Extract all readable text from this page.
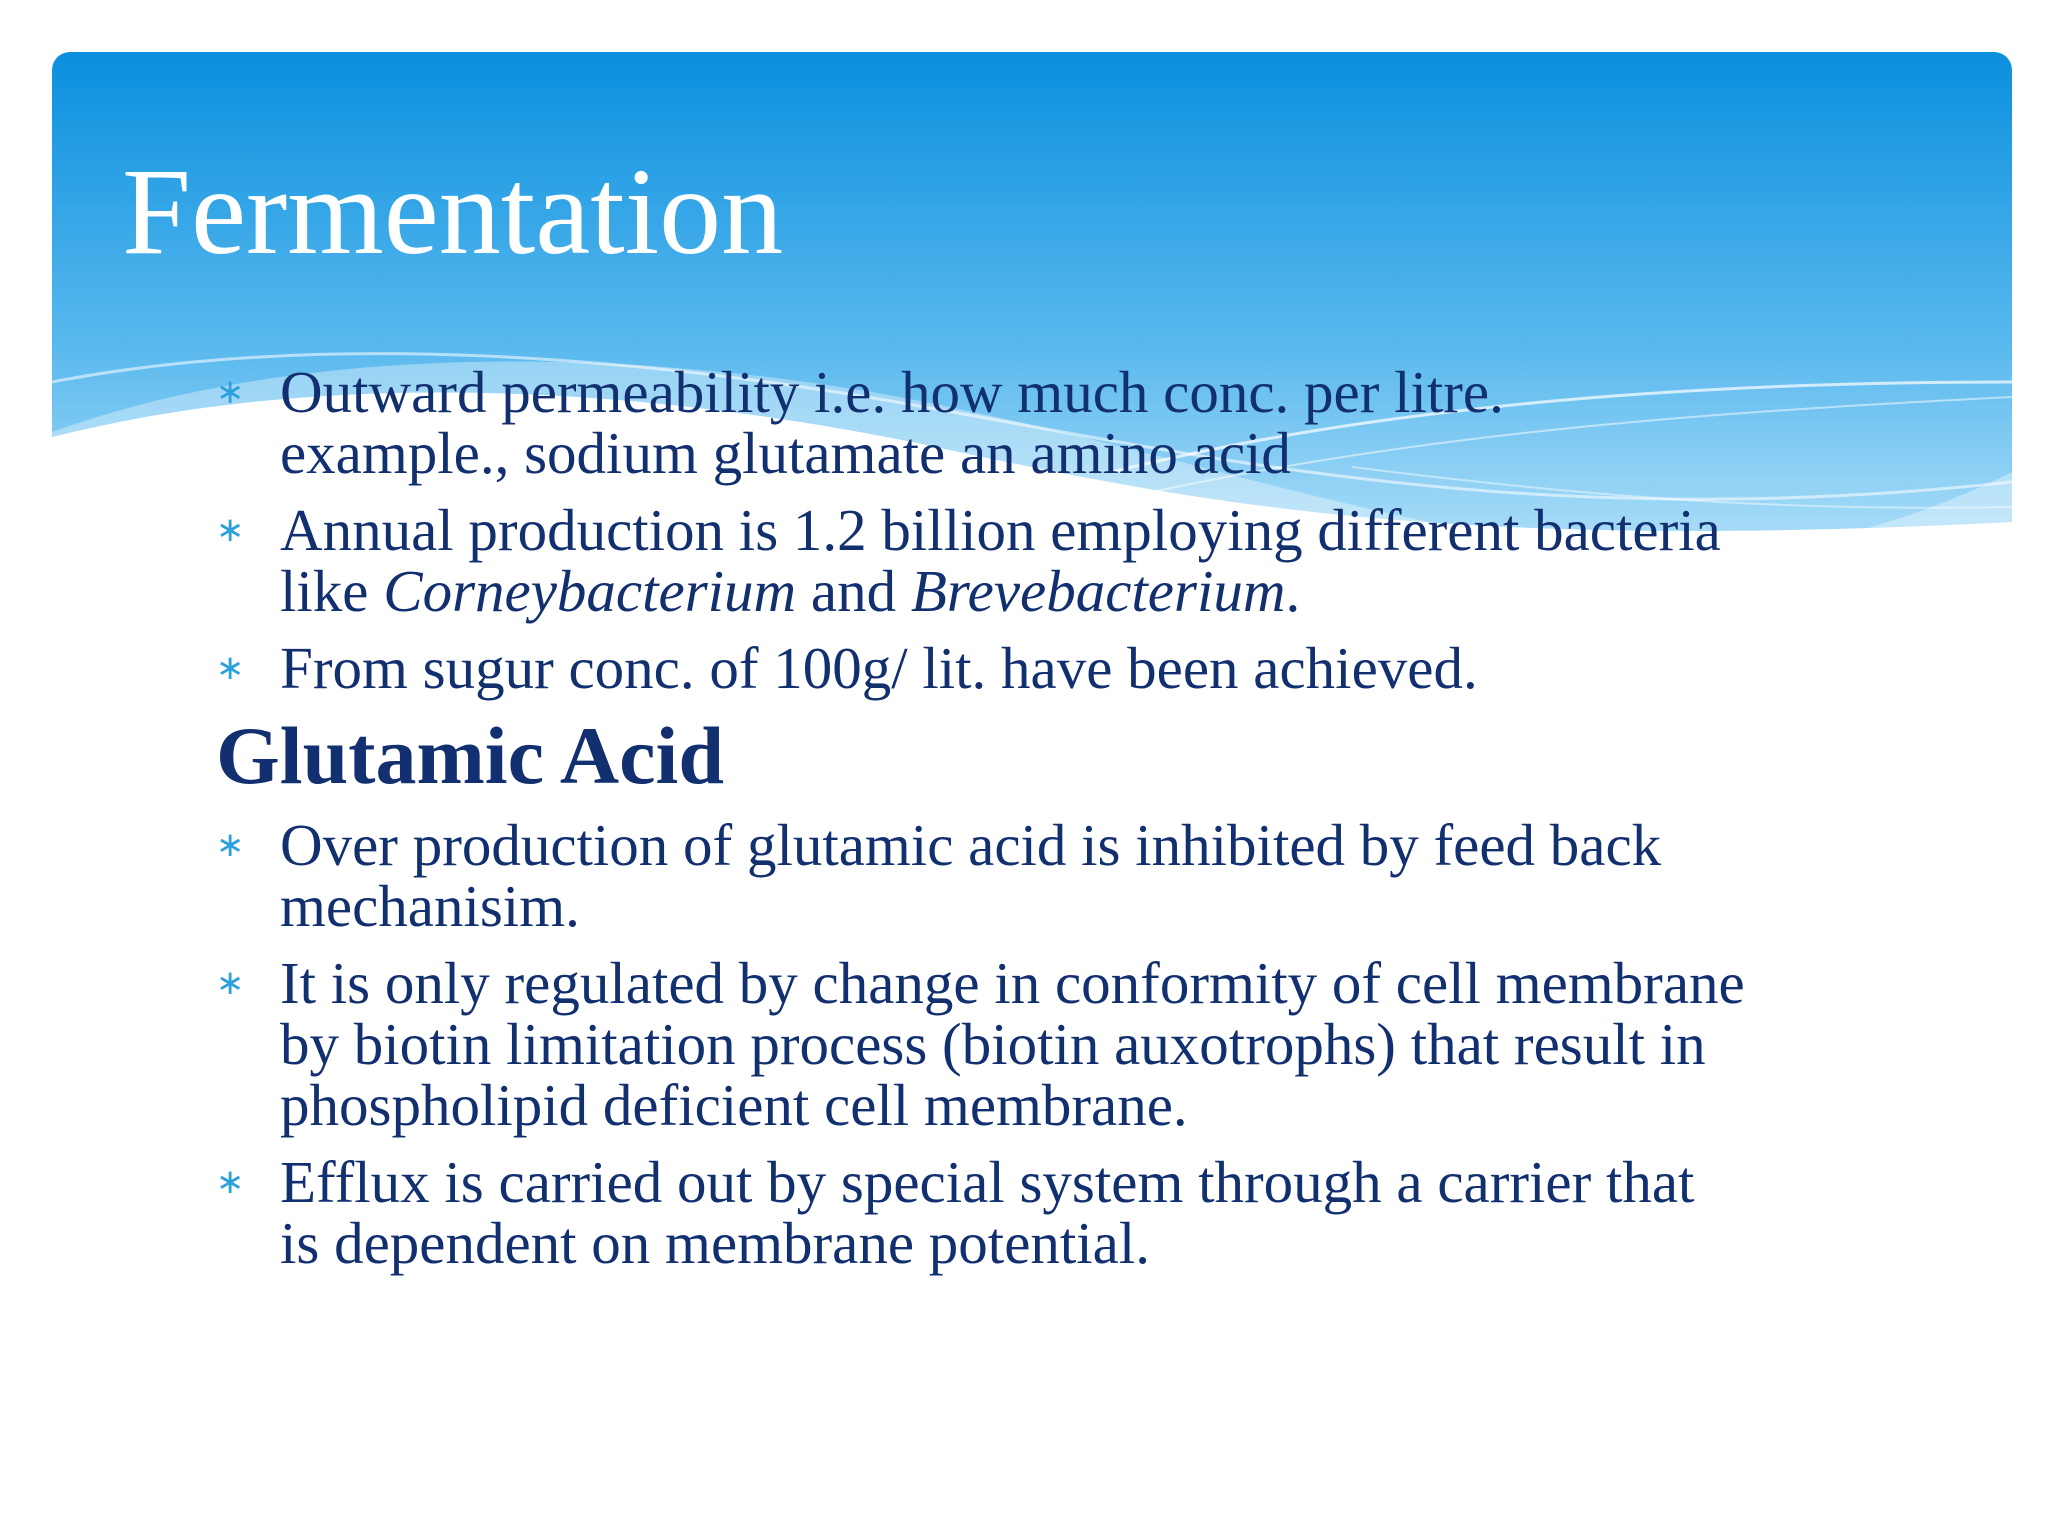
Fermentation
∗ Outward permeability i.e. how much conc. per litre.
example., sodium glutamate an amino acid
∗ Annual production is 1.2 billion employing different bacteria
like Corneybacterium and Brevebacterium.
∗ From sugur conc. of 100g/ lit. have been achieved.
Glutamic Acid
∗ Over production of glutamic acid is inhibited by feed back
mechanisim.
∗ It is only regulated by change in conformity of cell membrane
by biotin limitation process (biotin auxotrophs) that result in
phospholipid deficient cell membrane.
∗ Efflux is carried out by special system through a carrier that
is dependent on membrane potential.
